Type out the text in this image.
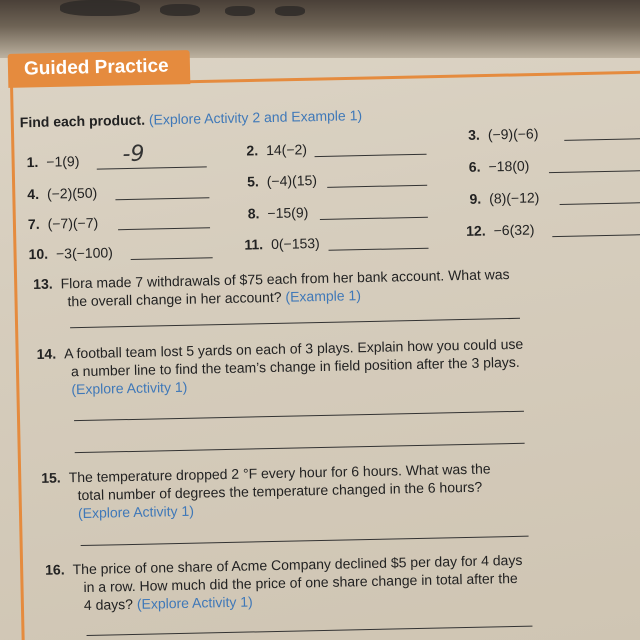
Guided Practice
Find each product. (Explore Activity 2 and Example 1)
1. −1(9) -9	2. 14(−2)
3. (−9)(−6)
4. (−2)(50)
5. (−4)(15)
6. −18(0)
7. (−7)(−7)
8. −15(9)
9. (8)(−12)
10. −3(−100)	11. 0(−153)
12. −6(32)
13. Flora made 7 withdrawals of $75 each from her bank account. What was
the overall change in her account? (Example 1)
14. A football team lost 5 yards on each of 3 plays. Explain how you could use
a number line to find the team’s change in field position after the 3 plays.
(Explore Activity 1)
15. The temperature dropped 2 °F every hour for 6 hours. What was the
total number of degrees the temperature changed in the 6 hours?
(Explore Activity 1)
16. The price of one share of Acme Company declined $5 per day for 4 days
in a row. How much did the price of one share change in total after the
4 days? (Explore Activity 1)
